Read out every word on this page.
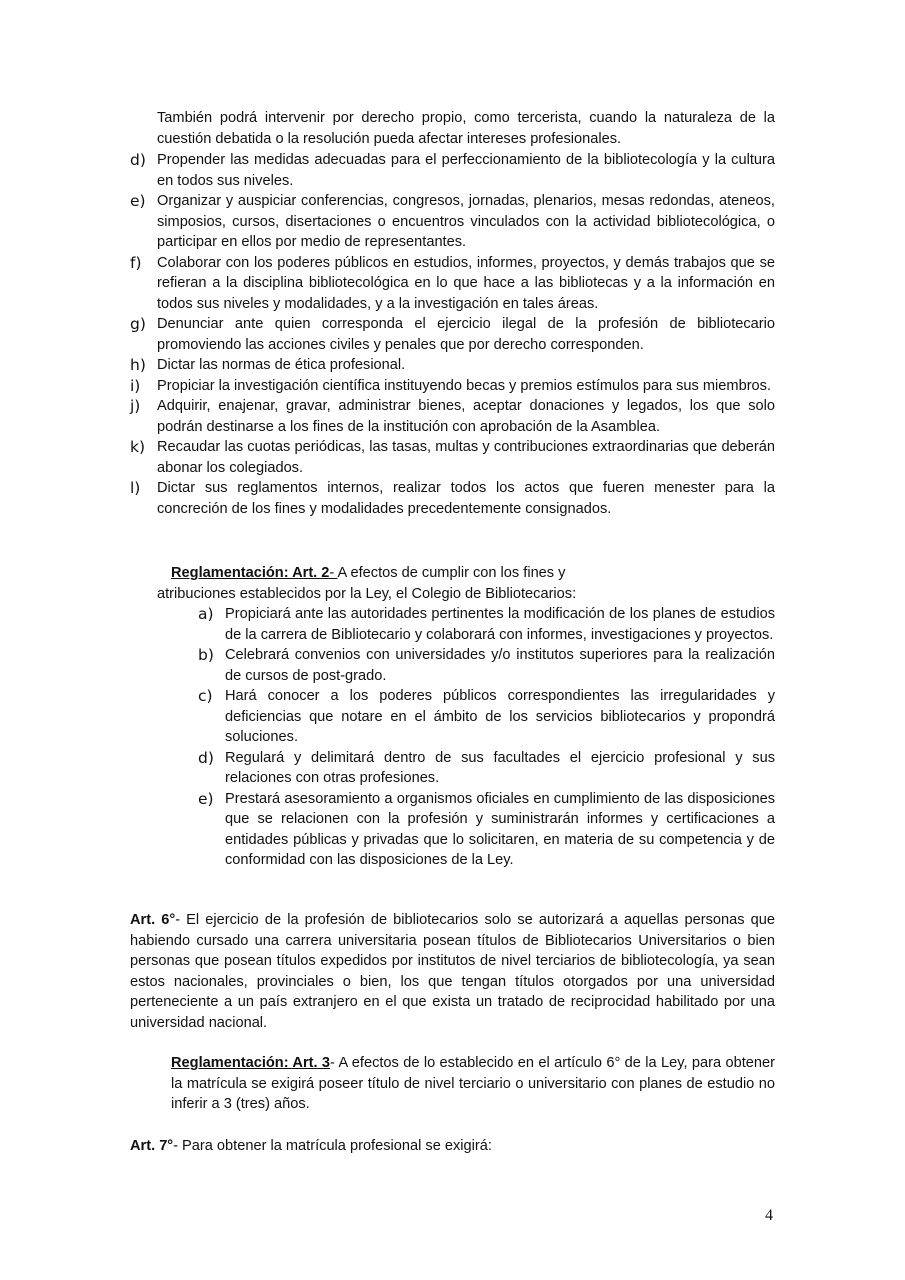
También podrá intervenir por derecho propio, como tercerista, cuando la naturaleza de la cuestión debatida o la resolución pueda afectar intereses profesionales.

d) Propender las medidas adecuadas para el perfeccionamiento de la bibliotecología y la cultura en todos sus niveles.
e) Organizar y auspiciar conferencias, congresos, jornadas, plenarios, mesas redondas, ateneos, simposios, cursos, disertaciones o encuentros vinculados con la actividad bibliotecológica, o participar en ellos por medio de representantes.
f) Colaborar con los poderes públicos en estudios, informes, proyectos, y demás trabajos que se refieran a la disciplina bibliotecológica en lo que hace a las bibliotecas y a la información en todos sus niveles y modalidades, y a la investigación en tales áreas.
g) Denunciar ante quien corresponda el ejercicio ilegal de la profesión de bibliotecario promoviendo las acciones civiles y penales que por derecho corresponden.
h) Dictar las normas de ética profesional.
i) Propiciar la investigación científica instituyendo becas y premios estímulos para sus miembros.
j) Adquirir, enajenar, gravar, administrar bienes, aceptar donaciones y legados, los que solo podrán destinarse a los fines de la institución con aprobación de la Asamblea.
k) Recaudar las cuotas periódicas, las tasas, multas y contribuciones extraordinarias que deberán abonar los colegiados.
l) Dictar sus reglamentos internos, realizar todos los actos que fueren menester para la concreción de los fines y modalidades precedentemente consignados.
Reglamentación: Art. 2- A efectos de cumplir con los fines y
atribuciones establecidos por la Ley, el Colegio de Bibliotecarios:
a) Propiciará ante las autoridades pertinentes la modificación de los planes de estudios de la carrera de Bibliotecario y colaborará con informes, investigaciones y proyectos.
b) Celebrará convenios con universidades y/o institutos superiores para la realización de cursos de post-grado.
c) Hará conocer a los poderes públicos correspondientes las irregularidades y deficiencias que notare en el ámbito de los servicios bibliotecarios y propondrá soluciones.
d) Regulará y delimitará dentro de sus facultades el ejercicio profesional y sus relaciones con otras profesiones.
e) Prestará asesoramiento a organismos oficiales en cumplimiento de las disposiciones que se relacionen con la profesión y suministrarán informes y certificaciones a entidades públicas y privadas que lo solicitaren, en materia de su competencia y de conformidad con las disposiciones de la Ley.

Art. 6°- El ejercicio de la profesión de bibliotecarios solo se autorizará a aquellas personas que habiendo cursado una carrera universitaria posean títulos de Bibliotecarios Universitarios o bien personas que posean títulos expedidos por institutos de nivel terciarios de bibliotecología, ya sean estos nacionales, provinciales o bien, los que tengan títulos otorgados por una universidad perteneciente a un país extranjero en el que exista un tratado de reciprocidad habilitado por una universidad nacional.

Reglamentación: Art. 3- A efectos de lo establecido en el artículo 6° de la Ley, para obtener la matrícula se exigirá poseer título de nivel terciario o universitario con planes de estudio no inferir a 3 (tres) años.

Art. 7°- Para obtener la matrícula profesional se exigirá:

4
